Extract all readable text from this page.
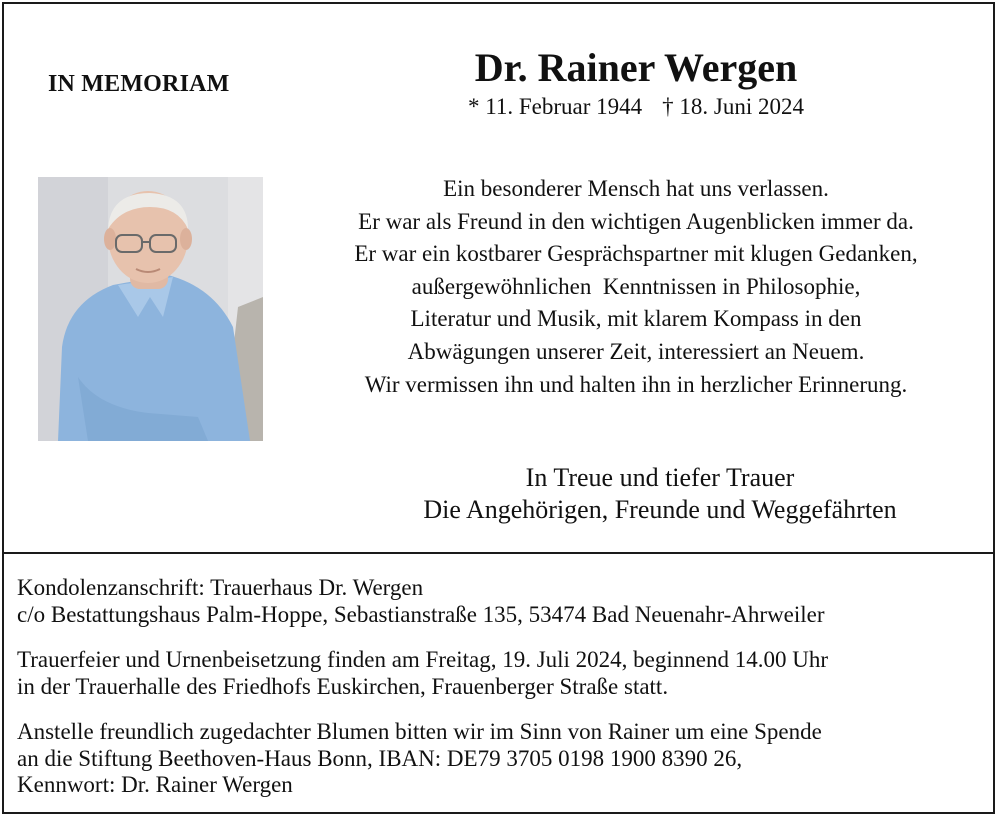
IN MEMORIAM	Dr. Rainer Wergen
* 11. Februar 1944 † 18. Juni 2024
Ein besonderer Mensch hat uns verlassen.
Er war als Freund in den wichtigen Augenblicken immer da.
Er war ein kostbarer Gesprächspartner mit klugen Gedanken,
außergewöhnlichen  Kenntnissen in Philosophie,
Literatur und Musik, mit klarem Kompass in den
Abwägungen unserer Zeit, interessiert an Neuem.
Wir vermissen ihn und halten ihn in herzlicher Erinnerung.
In Treue und tiefer Trauer
Die Angehörigen, Freunde und Weggefährten
Kondolenzanschrift: Trauerhaus Dr. Wergen
c/o Bestattungshaus Palm-Hoppe, Sebastianstraße 135, 53474 Bad Neuenahr-Ahrweiler
Trauerfeier und Urnenbeisetzung finden am Freitag, 19. Juli 2024, beginnend 14.00 Uhr
in der Trauerhalle des Friedhofs Euskirchen, Frauenberger Straße statt.
Anstelle freundlich zugedachter Blumen bitten wir im Sinn von Rainer um eine Spende
an die Stiftung Beethoven-Haus Bonn, IBAN: DE79 3705 0198 1900 8390 26,
Kennwort: Dr. Rainer Wergen
